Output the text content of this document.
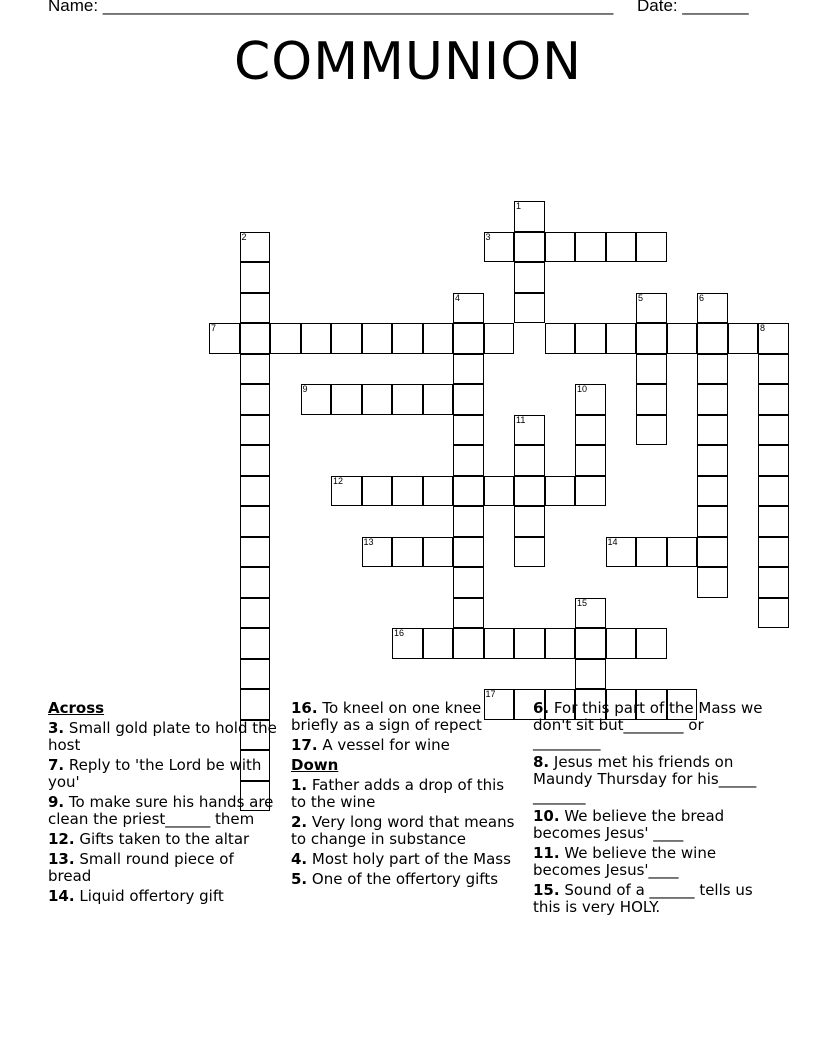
Name: ______________________________________________________ Date: _______
COMMUNION
1
3
2
7
4	5	6
8
9	10
11
12
13	14
15
16
17
Across
3. Small gold plate to hold the host
7. Reply to 'the Lord be with you'
9. To make sure his hands are clean the priest______ them
12. Gifts taken to the altar
13. Small round piece of bread
14. Liquid offertory gift
16. To kneel on one knee briefly as a sign of repect
17. A vessel for wine
Down
1. Father adds a drop of this to the wine
2. Very long word that means to change in substance
4. Most holy part of the Mass
5. One of the offertory gifts
6. For this part of the Mass we don't sit but________ or _________
8. Jesus met his friends on Maundy Thursday for his_____ _______
10. We believe the bread becomes Jesus' ____
11. We believe the wine becomes Jesus'____
15. Sound of a ______ tells us this is very HOLY.
